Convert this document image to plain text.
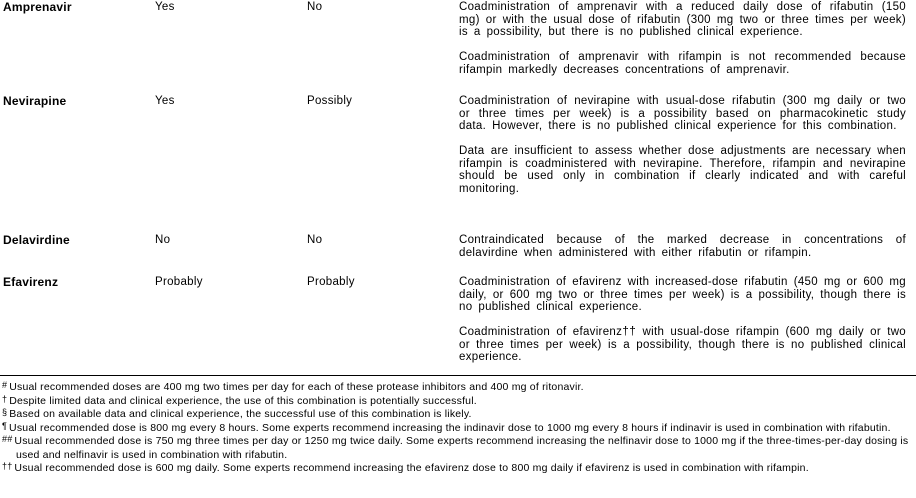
Amprenavir	Yes	No	Coadministration of amprenavir with a reduced daily dose of rifabutin (150 mg) or with the usual dose of rifabutin (300 mg two or three times per week) is a possibility, but there is no published clinical experience.

Coadministration of amprenavir with rifampin is not recommended because rifampin markedly decreases concentrations of amprenavir.

Nevirapine	Yes	Possibly	Coadministration of nevirapine with usual-dose rifabutin (300 mg daily or two or three times per week) is a possibility based on pharmacokinetic study data. However, there is no published clinical experience for this combination.

Data are insufficient to assess whether dose adjustments are necessary when rifampin is coadministered with nevirapine. Therefore, rifampin and nevirapine should be used only in combination if clearly indicated and with careful monitoring.

Delavirdine	No	No	Contraindicated because of the marked decrease in concentrations of delavirdine when administered with either rifabutin or rifampin.

Efavirenz	Probably	Probably	Coadministration of efavirenz with increased-dose rifabutin (450 mg or 600 mg daily, or 600 mg two or three times per week) is a possibility, though there is no published clinical experience.

Coadministration of efavirenz†† with usual-dose rifampin (600 mg daily or two or three times per week) is a possibility, though there is no published clinical experience.

# Usual recommended doses are 400 mg two times per day for each of these protease inhibitors and 400 mg of ritonavir.

† Despite limited data and clinical experience, the use of this combination is potentially successful.

§ Based on available data and clinical experience, the successful use of this combination is likely.

¶ Usual recommended dose is 800 mg every 8 hours. Some experts recommend increasing the indinavir dose to 1000 mg every 8 hours if indinavir is used in combination with rifabutin.

## Usual recommended dose is 750 mg three times per day or 1250 mg twice daily. Some experts recommend increasing the nelfinavir dose to 1000 mg if the three-times-per-day dosing is used and nelfinavir is used in combination with rifabutin.

†† Usual recommended dose is 600 mg daily. Some experts recommend increasing the efavirenz dose to 800 mg daily if efavirenz is used in combination with rifampin.
